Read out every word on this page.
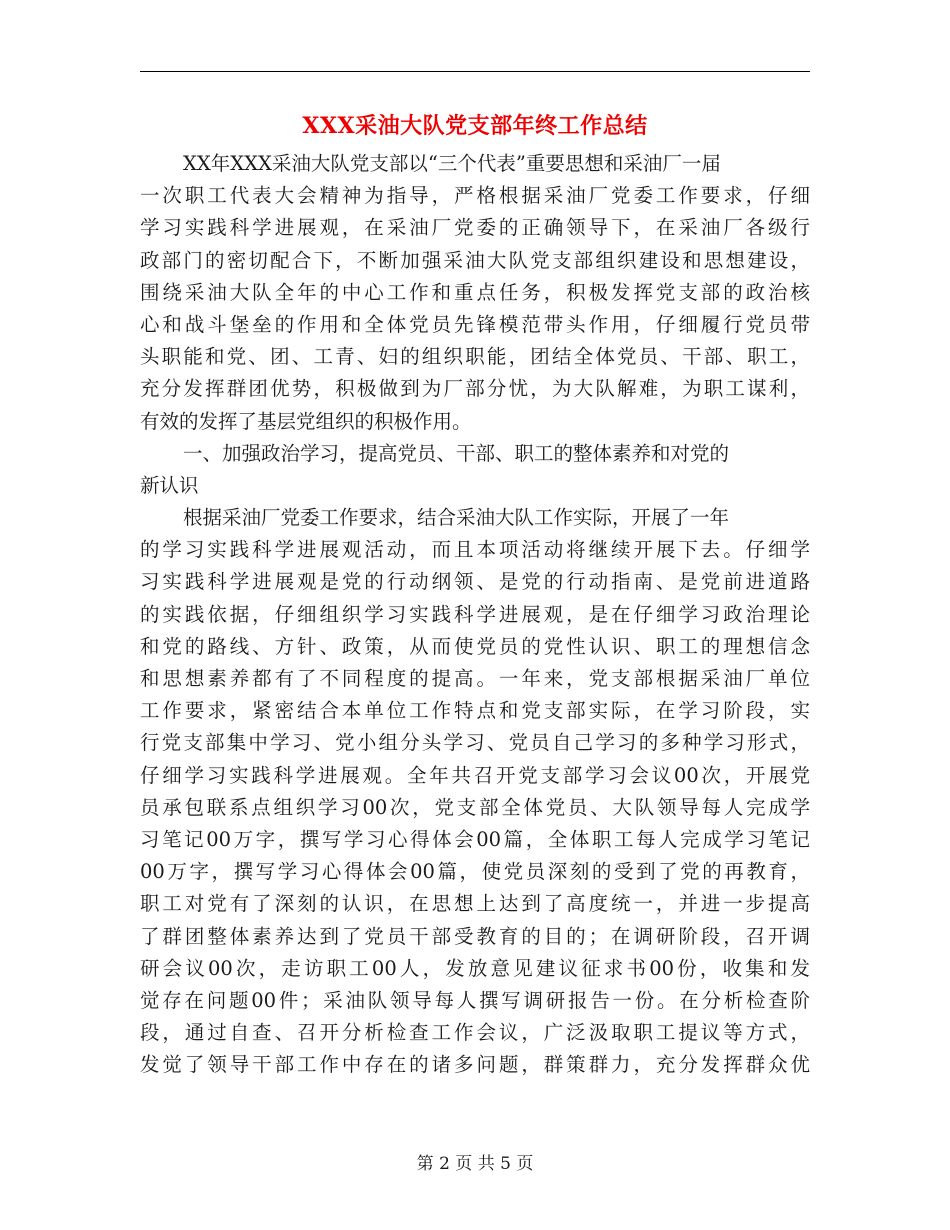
XXX采油大队党支部年终工作总结
XX年XXX采油大队党支部以“三个代表”重要思想和采油厂一届
一次职工代表大会精神为指导，严格根据采油厂党委工作要求，仔细
学习实践科学进展观，在采油厂党委的正确领导下，在采油厂各级行
政部门的密切配合下，不断加强采油大队党支部组织建设和思想建设，
围绕采油大队全年的中心工作和重点任务，积极发挥党支部的政治核
心和战斗堡垒的作用和全体党员先锋模范带头作用，仔细履行党员带
头职能和党、团、工青、妇的组织职能，团结全体党员、干部、职工，
充分发挥群团优势，积极做到为厂部分忧，为大队解难，为职工谋利，
有效的发挥了基层党组织的积极作用。
一、加强政治学习，提高党员、干部、职工的整体素养和对党的
新认识
根据采油厂党委工作要求，结合采油大队工作实际，开展了一年
的学习实践科学进展观活动，而且本项活动将继续开展下去。仔细学
习实践科学进展观是党的行动纲领、是党的行动指南、是党前进道路
的实践依据，仔细组织学习实践科学进展观，是在仔细学习政治理论
和党的路线、方针、政策，从而使党员的党性认识、职工的理想信念
和思想素养都有了不同程度的提高。一年来，党支部根据采油厂单位
工作要求，紧密结合本单位工作特点和党支部实际，在学习阶段，实
行党支部集中学习、党小组分头学习、党员自己学习的多种学习形式，
仔细学习实践科学进展观。全年共召开党支部学习会议00次，开展党
员承包联系点组织学习00次，党支部全体党员、大队领导每人完成学
习笔记00万字，撰写学习心得体会00篇，全体职工每人完成学习笔记
00万字，撰写学习心得体会00篇，使党员深刻的受到了党的再教育，
职工对党有了深刻的认识，在思想上达到了高度统一，并进一步提高
了群团整体素养达到了党员干部受教育的目的；在调研阶段，召开调
研会议00次，走访职工00人，发放意见建议征求书00份，收集和发
觉存在问题00件；采油队领导每人撰写调研报告一份。在分析检查阶
段，通过自查、召开分析检查工作会议，广泛汲取职工提议等方式，
发觉了领导干部工作中存在的诸多问题，群策群力，充分发挥群众优
第 2 页 共 5 页
